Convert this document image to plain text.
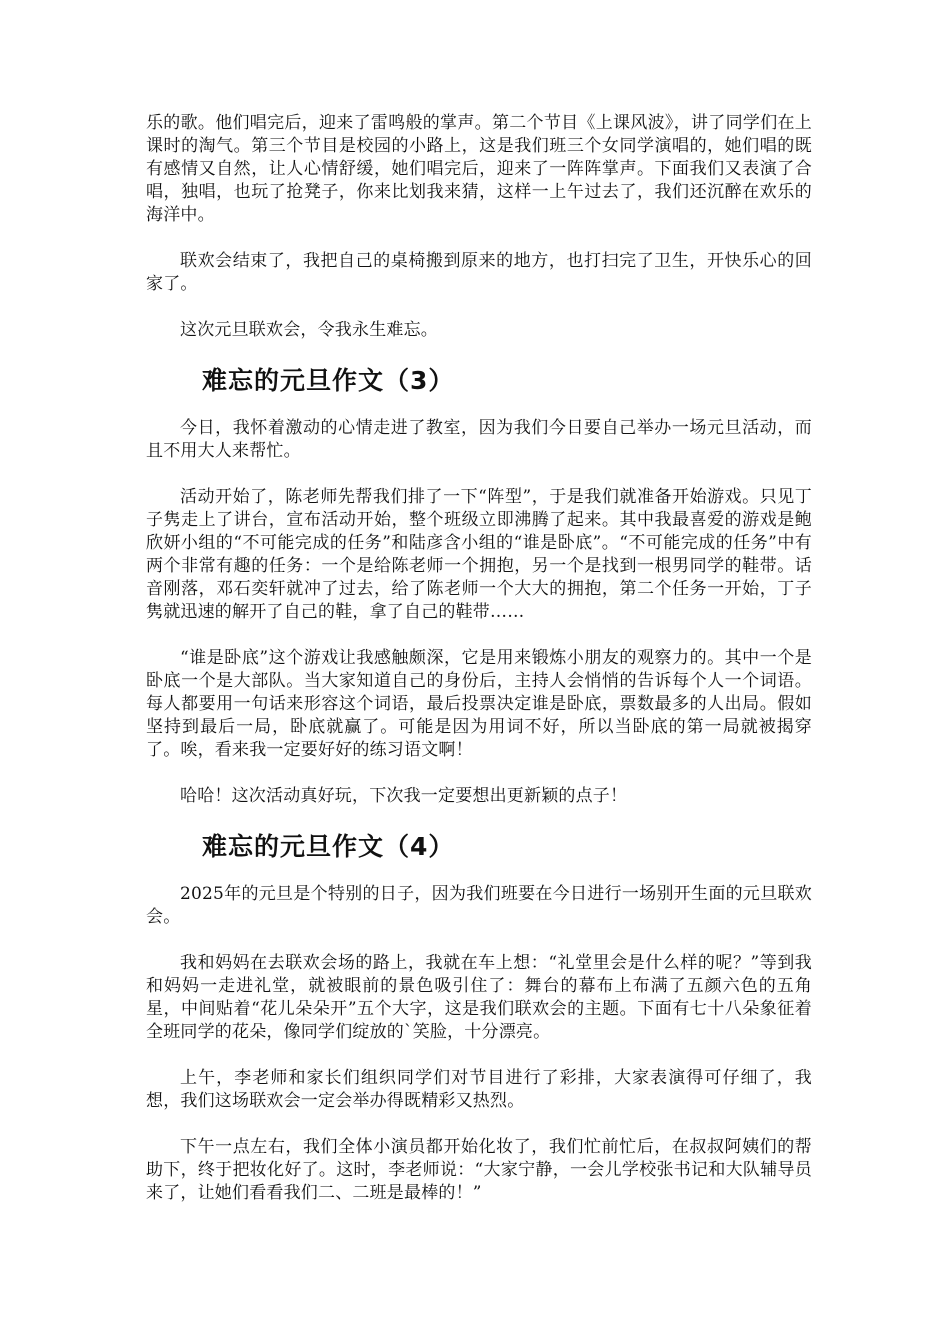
乐的歌。他们唱完后，迎来了雷鸣般的掌声。第二个节目《上课风波》，讲了同学们在上课时的淘气。第三个节目是校园的小路上，这是我们班三个女同学演唱的，她们唱的既有感情又自然，让人心情舒缓，她们唱完后，迎来了一阵阵掌声。下面我们又表演了合唱，独唱，也玩了抢凳子，你来比划我来猜，这样一上午过去了，我们还沉醉在欢乐的海洋中。

联欢会结束了，我把自己的桌椅搬到原来的地方，也打扫完了卫生，开快乐心的回家了。

这次元旦联欢会，令我永生难忘。

难忘的元旦作文（3）

今日，我怀着激动的心情走进了教室，因为我们今日要自己举办一场元旦活动，而且不用大人来帮忙。

活动开始了，陈老师先帮我们排了一下“阵型”，于是我们就准备开始游戏。只见丁子隽走上了讲台，宣布活动开始，整个班级立即沸腾了起来。其中我最喜爱的游戏是鲍欣妍小组的“不可能完成的任务”和陆彦含小组的“谁是卧底”。“不可能完成的任务”中有两个非常有趣的任务：一个是给陈老师一个拥抱，另一个是找到一根男同学的鞋带。话音刚落，邓石奕轩就冲了过去，给了陈老师一个大大的拥抱，第二个任务一开始，丁子隽就迅速的解开了自己的鞋，拿了自己的鞋带……

“谁是卧底”这个游戏让我感触颇深，它是用来锻炼小朋友的观察力的。其中一个是卧底一个是大部队。当大家知道自己的身份后，主持人会悄悄的告诉每个人一个词语。每人都要用一句话来形容这个词语，最后投票决定谁是卧底，票数最多的人出局。假如坚持到最后一局，卧底就赢了。可能是因为用词不好，所以当卧底的第一局就被揭穿了。唉，看来我一定要好好的练习语文啊！

哈哈！这次活动真好玩，下次我一定要想出更新颖的点子！

难忘的元旦作文（4）

2025年的元旦是个特别的日子，因为我们班要在今日进行一场别开生面的元旦联欢会。

我和妈妈在去联欢会场的路上，我就在车上想：“礼堂里会是什么样的呢？”等到我和妈妈一走进礼堂，就被眼前的景色吸引住了：舞台的幕布上布满了五颜六色的五角星，中间贴着“花儿朵朵开”五个大字，这是我们联欢会的主题。下面有七十八朵象征着全班同学的花朵，像同学们绽放的`笑脸，十分漂亮。

上午，李老师和家长们组织同学们对节目进行了彩排，大家表演得可仔细了，我想，我们这场联欢会一定会举办得既精彩又热烈。

下午一点左右，我们全体小演员都开始化妆了，我们忙前忙后，在叔叔阿姨们的帮助下，终于把妆化好了。这时，李老师说：“大家宁静，一会儿学校张书记和大队辅导员来了，让她们看看我们二、二班是最棒的！”
